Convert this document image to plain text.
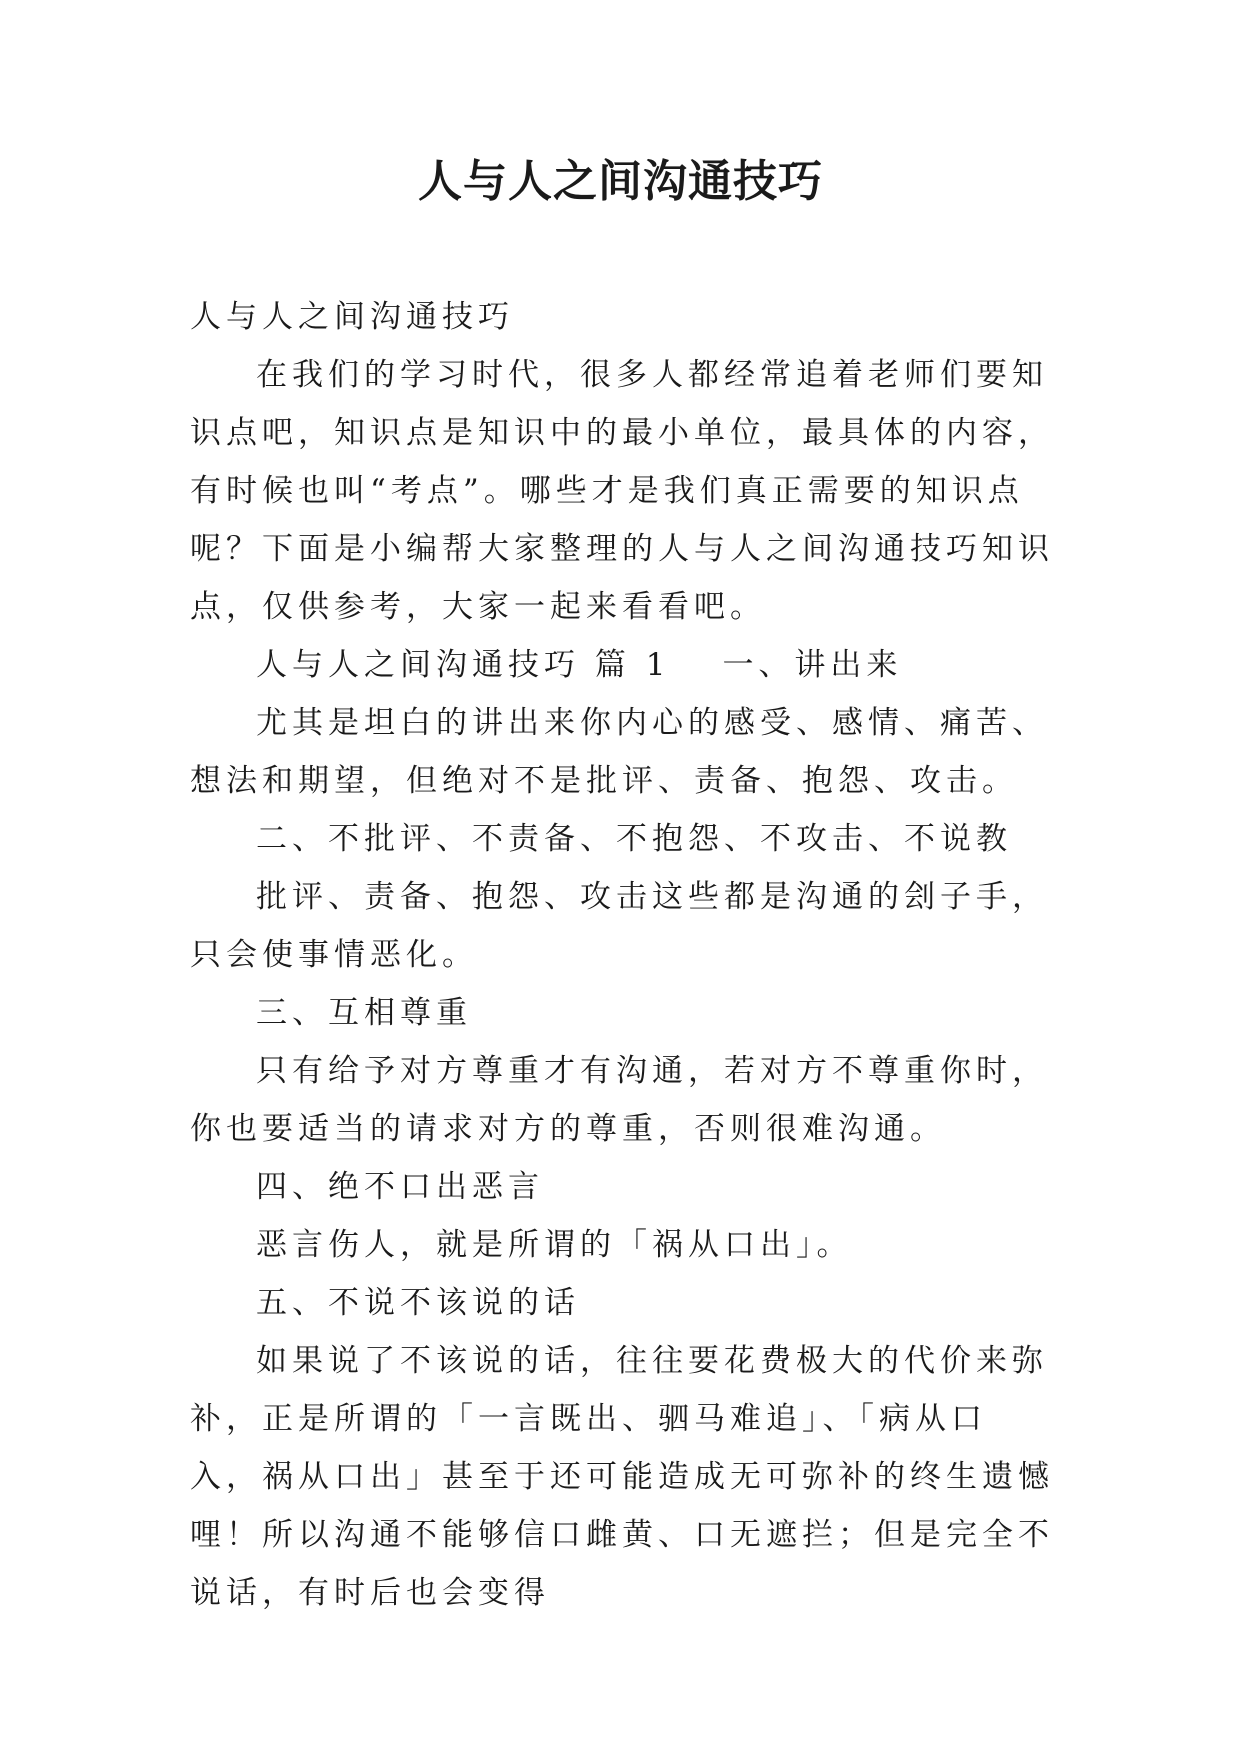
人与人之间沟通技巧

人与人之间沟通技巧

在我们的学习时代，很多人都经常追着老师们要知识点吧，知识点是知识中的最小单位，最具体的内容，有时候也叫“考点”。哪些才是我们真正需要的知识点呢？下面是小编帮大家整理的人与人之间沟通技巧知识点，仅供参考，大家一起来看看吧。

人与人之间沟通技巧 篇 1 一、讲出来

尤其是坦白的讲出来你内心的感受、感情、痛苦、想法和期望，但绝对不是批评、责备、抱怨、攻击。

二、不批评、不责备、不抱怨、不攻击、不说教

批评、责备、抱怨、攻击这些都是沟通的刽子手，只会使事情恶化。

三、互相尊重

只有给予对方尊重才有沟通，若对方不尊重你时， 你也要适当的请求对方的尊重，否则很难沟通。

四、绝不口出恶言

恶言伤人，就是所谓的「祸从口出」。

五、不说不该说的话

如果说了不该说的话，往往要花费极大的代价来弥补，正是所谓的「一言既出、驷马难追」、「病从口入，祸从口出」甚至于还可能造成无可弥补的终生遗憾哩！所以沟通不能够信口雌黄、口无遮拦；但是完全不说话，有时后也会变得
